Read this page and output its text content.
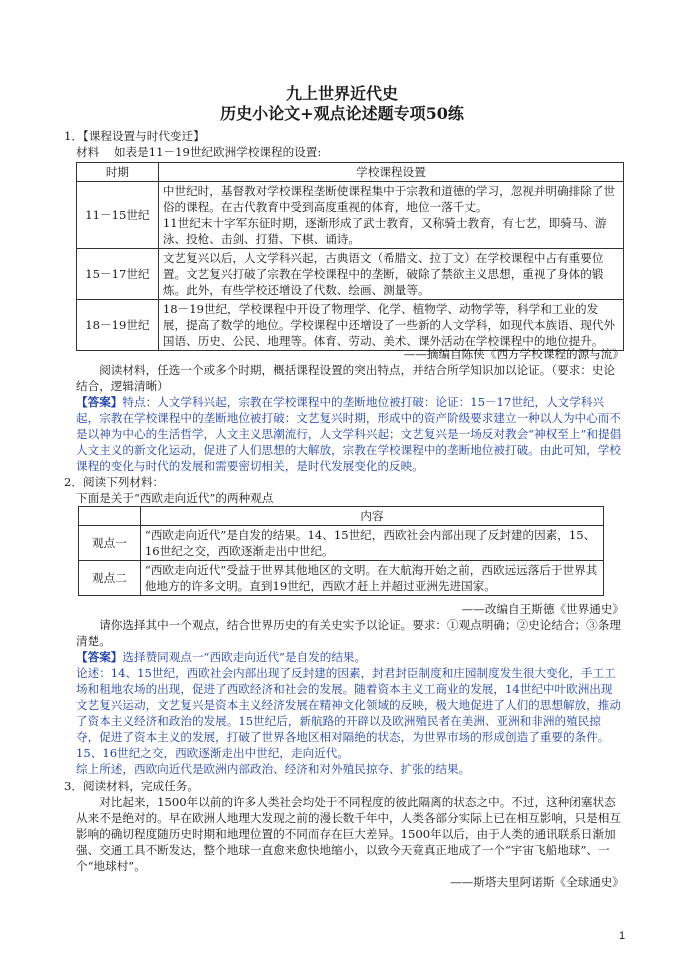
九上世界近代史
历史小论文+观点论述题专项50练
1．【课程设置与时代变迁】
材料 如表是11－19世纪欧洲学校课程的设置:
时期	学校课程设置
11－15世纪	中世纪时，基督教对学校课程垄断使课程集中于宗教和道德的学习，忽视并明确排除了世俗的课程。在古代教育中受到高度重视的体育，地位一落千丈。
11世纪末十字军东征时期，逐渐形成了武士教育，又称骑士教育，有七艺，即骑马、游泳、投枪、击剑、打猎、下棋、诵诗。

15－17世纪	文艺复兴以后，人文学科兴起，古典语文（希腊文、拉丁文）在学校课程中占有重要位置。文艺复兴打破了宗教在学校课程中的垄断，破除了禁欲主义思想，重视了身体的锻炼。此外，有些学校还增设了代数、绘画、测量等。
18－19世纪	18－19世纪，学校课程中开设了物理学、化学、植物学、动物学等，科学和工业的发展，提高了数学的地位。学校课程中还增设了一些新的人文学科，如现代本族语、现代外国语、历史、公民、地理等。体育、劳动、美术、课外活动在学校课程中的地位提升。
——摘编自陈侠《西方学校课程的源与流》
阅读材料，任选一个或多个时期，概括课程设置的突出特点，并结合所学知识加以论证。（要求：史论结合，逻辑清晰）
【答案】特点：人文学科兴起，宗教在学校课程中的垄断地位被打破：论证：15－17世纪，人文学科兴起，宗教在学校课程中的垄断地位被打破：文艺复兴时期，形成中的资产阶级要求建立一种以人为中心而不是以神为中心的生活哲学，人文主义思潮流行，人文学科兴起；文艺复兴是一场反对教会“神权至上”和提倡人文主义的新文化运动，促进了人们思想的大解放，宗教在学校课程中的垄断地位被打破。由此可知，学校课程的变化与时代的发展和需要密切相关，是时代发展变化的反映。
2．阅读下列材料：
下面是关于“西欧走向近代”的两种观点
	内容
观点一	“西欧走向近代”是自发的结果。14、15世纪，西欧社会内部出现了反封建的因素，15、16世纪之交，西欧逐渐走出中世纪。
观点二	“西欧走向近代”受益于世界其他地区的文明。在大航海开始之前，西欧远远落后于世界其他地方的许多文明。直到19世纪，西欧才赶上并超过亚洲先进国家。
——改编自王斯德《世界通史》
请你选择其中一个观点，结合世界历史的有关史实予以论证。要求：①观点明确；②史论结合；③条理清楚。
【答案】选择赞同观点一“西欧走向近代”是自发的结果。
论述：14、15世纪，西欧社会内部出现了反封建的因素，封君封臣制度和庄园制度发生很大变化，手工工场和租地农场的出现，促进了西欧经济和社会的发展。随着资本主义工商业的发展，14世纪中叶欧洲出现文艺复兴运动，文艺复兴是资本主义经济发展在精神文化领域的反映，极大地促进了人们的思想解放，推动了资本主义经济和政治的发展。15世纪后，新航路的开辟以及欧洲殖民者在美洲、亚洲和非洲的殖民掠夺，促进了资本主义的发展，打破了世界各地区相对隔绝的状态，为世界市场的形成创造了重要的条件。15、16世纪之交，西欧逐渐走出中世纪，走向近代。
综上所述，西欧向近代是欧洲内部政治、经济和对外殖民掠夺、扩张的结果。
3．阅读材料，完成任务。
对比起来，1500年以前的许多人类社会均处于不同程度的彼此隔离的状态之中。不过，这种闭塞状态从来不是绝对的。早在欧洲人地理大发现之前的漫长数千年中，人类各部分实际上已在相互影响，只是相互影响的确切程度随历史时期和地理位置的不同而存在巨大差异。1500年以后，由于人类的通讯联系日渐加强、交通工具不断发达，整个地球一直愈来愈快地缩小，以致今天竟真正地成了一个“宇宙飞船地球”、一个“地球村”。
——斯塔夫里阿诺斯《全球通史》
1
